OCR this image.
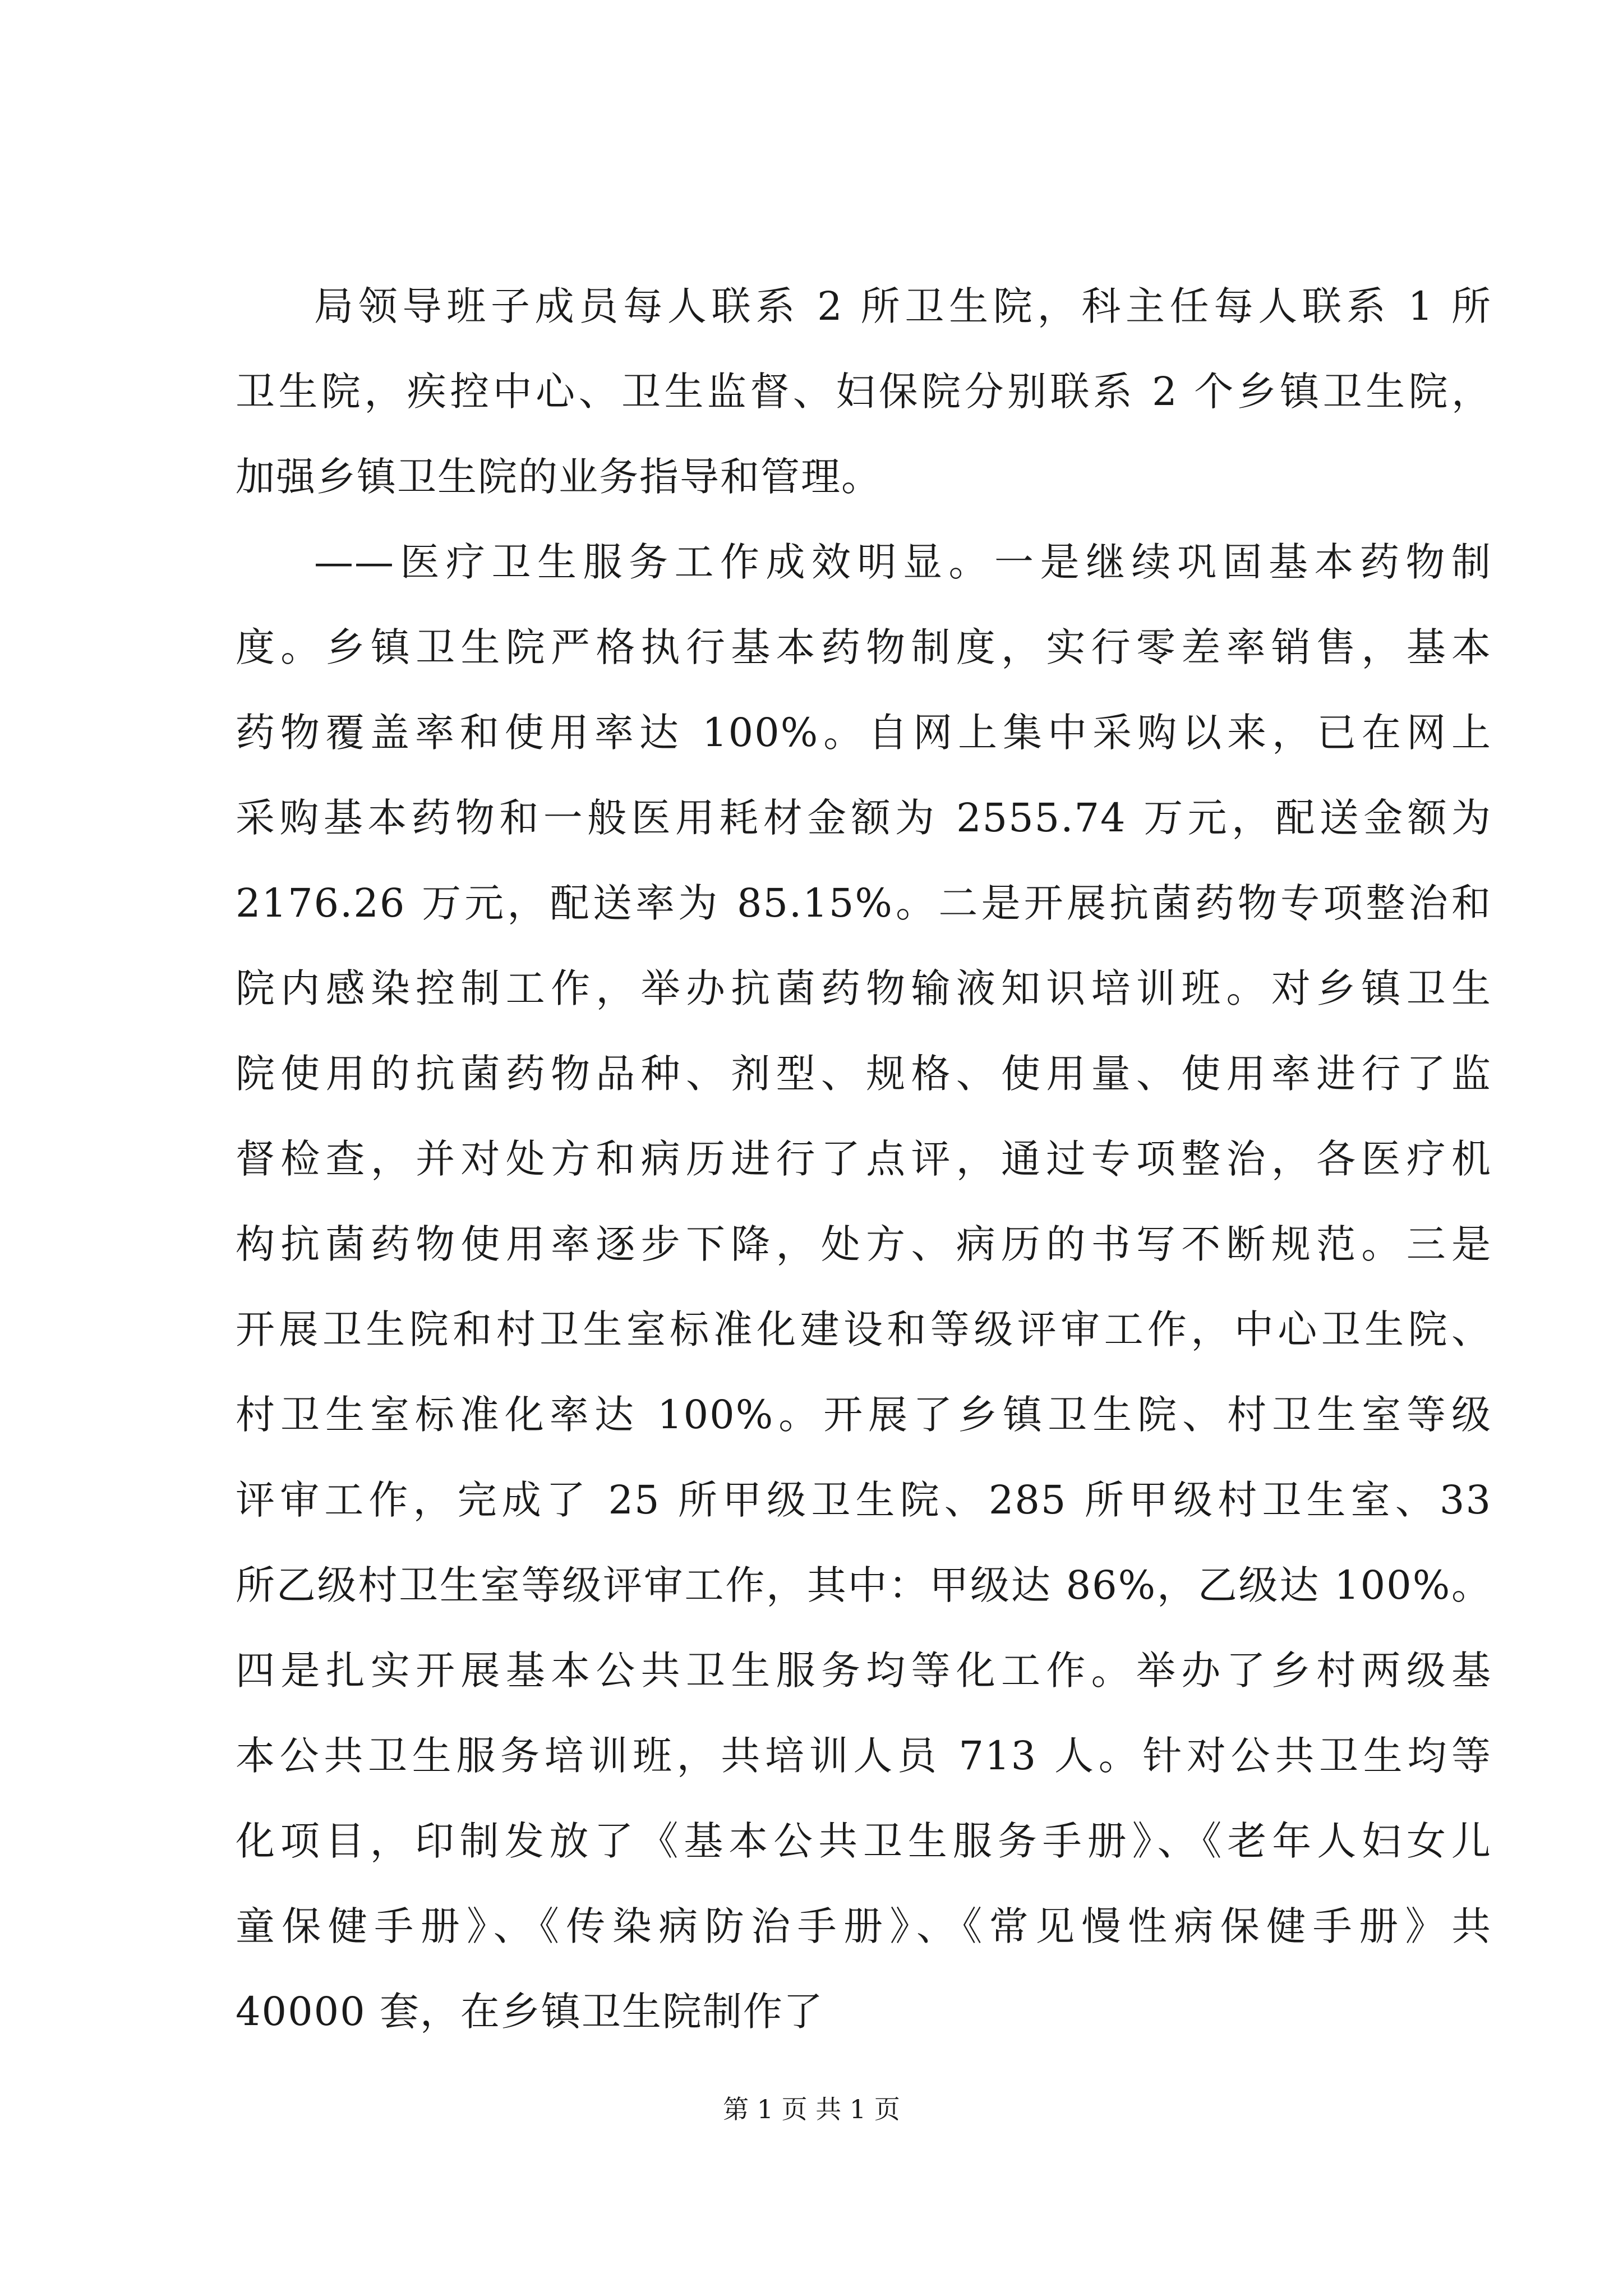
局领导班子成员每人联系 2 所卫生院，科主任每人联系 1 所
卫生院，疾控中心、卫生监督、妇保院分别联系 2 个乡镇卫生院，
加强乡镇卫生院的业务指导和管理。
——医疗卫生服务工作成效明显。一是继续巩固基本药物制
度。乡镇卫生院严格执行基本药物制度，实行零差率销售，基本
药物覆盖率和使用率达 100%。自网上集中采购以来，已在网上
采购基本药物和一般医用耗材金额为 2555.74 万元，配送金额为
2176.26 万元，配送率为 85.15%。二是开展抗菌药物专项整治和
院内感染控制工作，举办抗菌药物输液知识培训班。对乡镇卫生
院使用的抗菌药物品种、剂型、规格、使用量、使用率进行了监
督检查，并对处方和病历进行了点评，通过专项整治，各医疗机
构抗菌药物使用率逐步下降，处方、病历的书写不断规范。三是
开展卫生院和村卫生室标准化建设和等级评审工作，中心卫生院、
村卫生室标准化率达 100%。开展了乡镇卫生院、村卫生室等级
评审工作，完成了 25 所甲级卫生院、285 所甲级村卫生室、33
所乙级村卫生室等级评审工作，其中：甲级达 86%，乙级达 100%。
四是扎实开展基本公共卫生服务均等化工作。举办了乡村两级基
本公共卫生服务培训班，共培训人员 713 人。针对公共卫生均等
化项目，印制发放了《基本公共卫生服务手册》、《老年人妇女儿
童保健手册》、《传染病防治手册》、《常见慢性病保健手册》共
40000 套，在乡镇卫生院制作了
第 1 页 共 1 页
